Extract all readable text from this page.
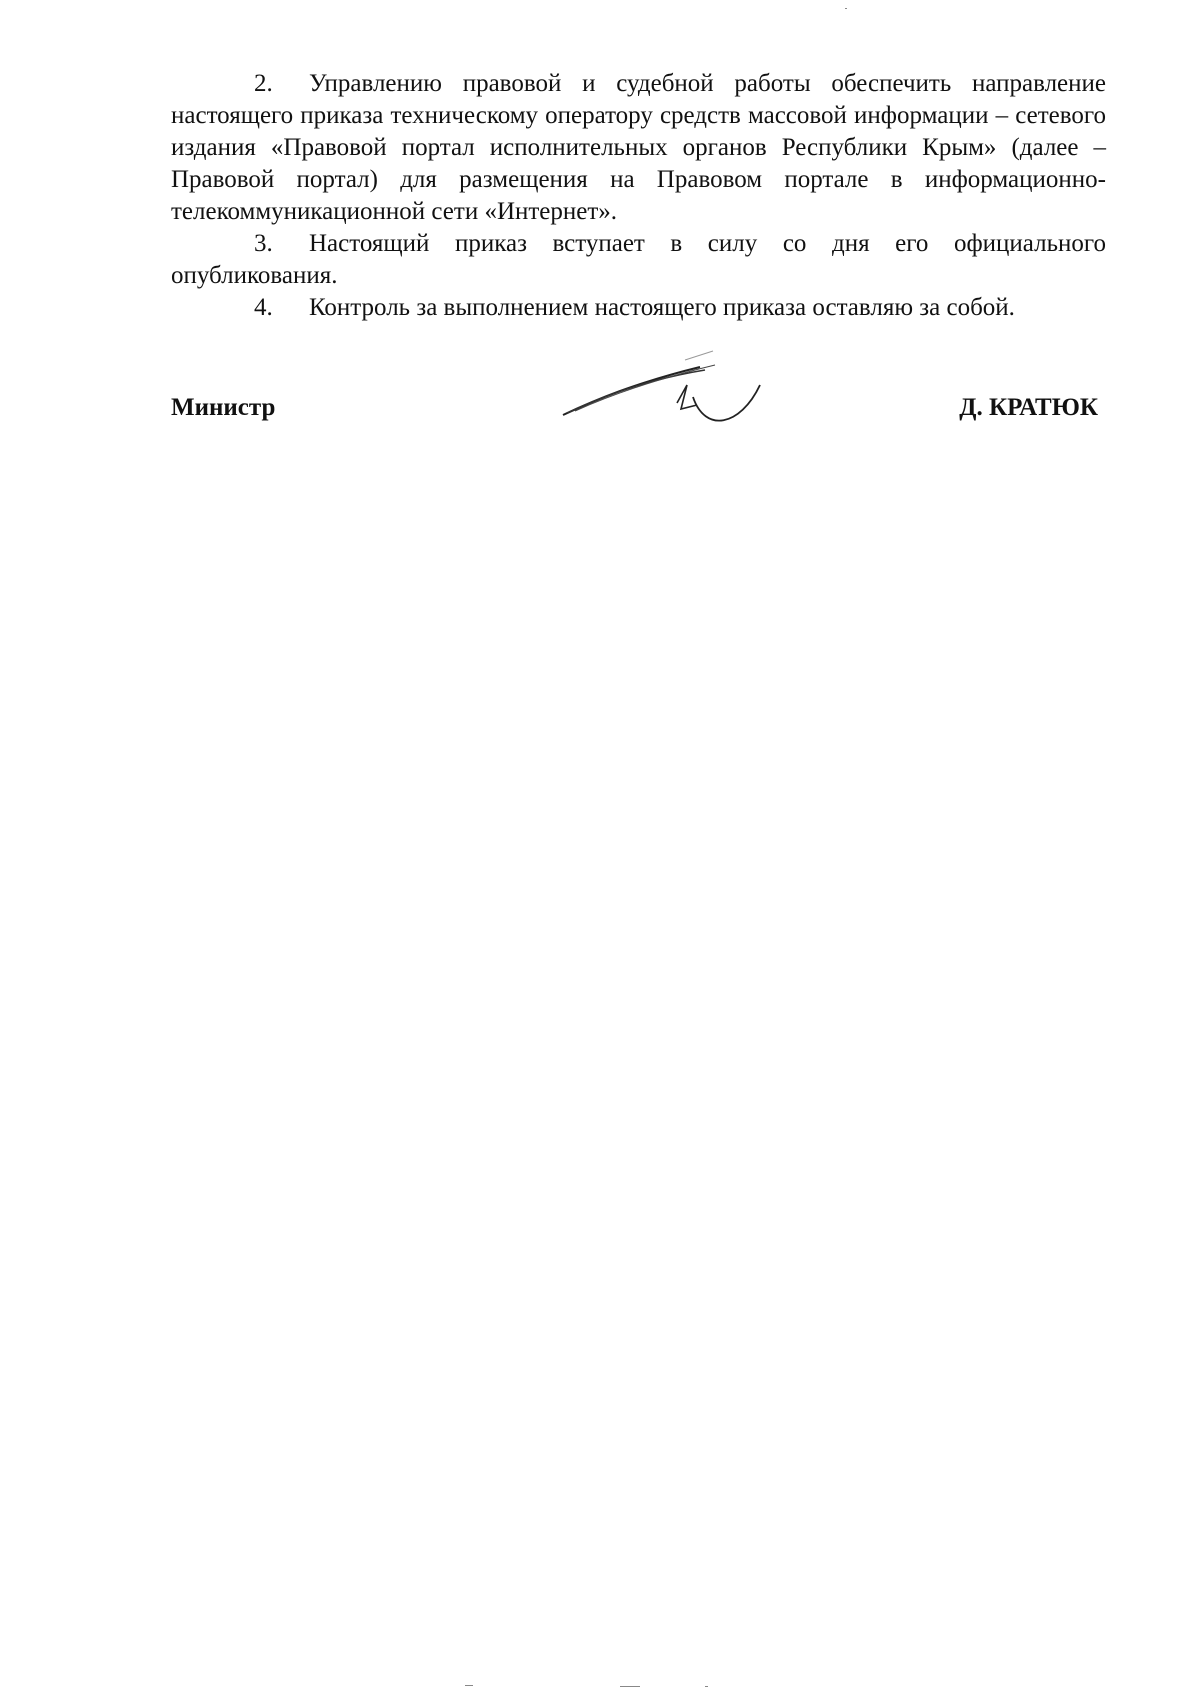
2. Управлению правовой и судебной работы обеспечить направление настоящего приказа техническому оператору средств массовой информации – сетевого издания «Правовой портал исполнительных органов Республики Крым» (далее – Правовой портал) для размещения на Правовом портале в информационно-телекоммуникационной сети «Интернет».

3. Настоящий приказ вступает в силу со дня его официального опубликования.

4. Контроль за выполнением настоящего приказа оставляю за собой.

Министр	Д. КРАТЮК
